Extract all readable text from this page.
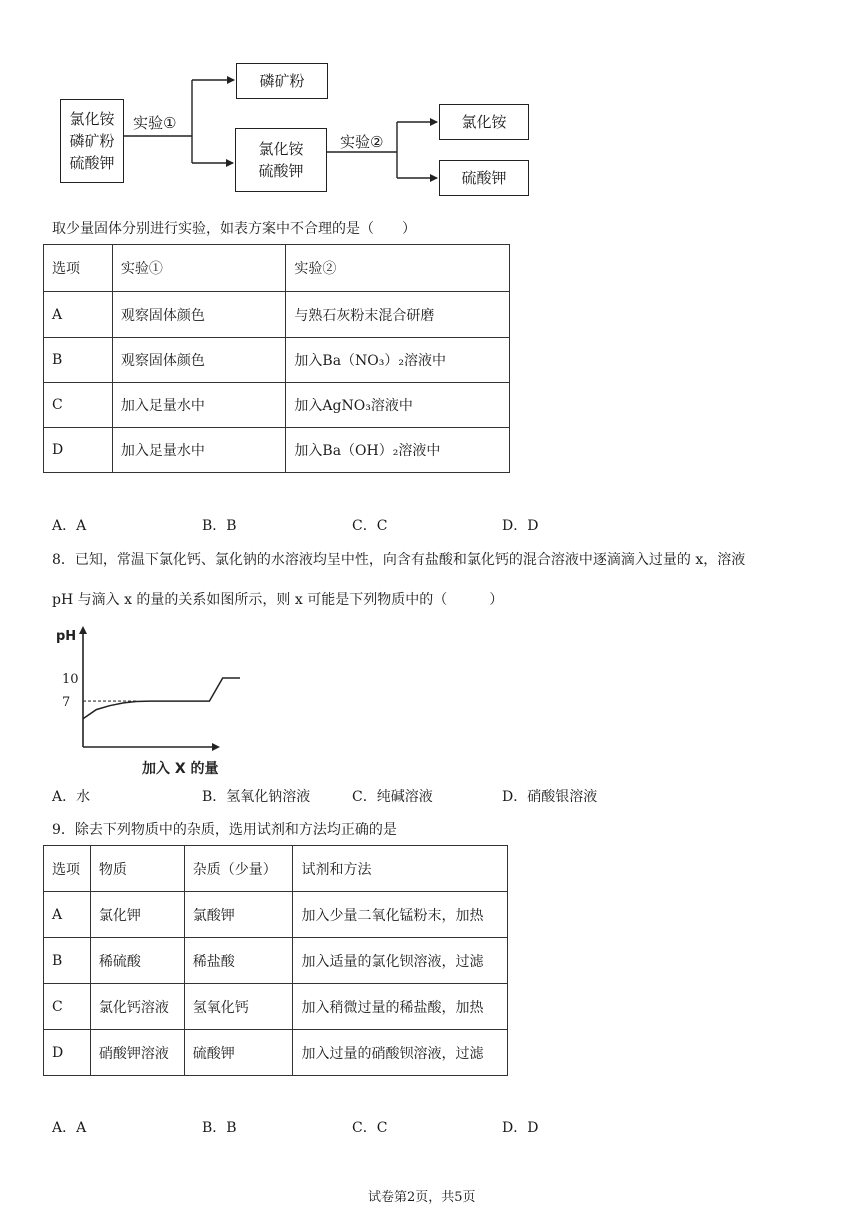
氯化铵
磷矿粉
硫酸钾
磷矿粉
氯化铵
硫酸钾
氯化铵
硫酸钾
实验①
实验②
取少量固体分别进行实验，如表方案中不合理的是（　　）
选项	实验①	实验②
A	观察固体颜色	与熟石灰粉末混合研磨
B	观察固体颜色	加入Ba（NO₃）₂溶液中
C	加入足量水中	加入AgNO₃溶液中
D	加入足量水中	加入Ba（OH）₂溶液中
A．A	B．B	C．C	D．D
8．已知，常温下氯化钙、氯化钠的水溶液均呈中性，向含有盐酸和氯化钙的混合溶液中逐滴滴入过量的 x，溶液
pH 与滴入 x 的量的关系如图所示，则 x 可能是下列物质中的（　　　）
pH
加入 X 的量
7
10
A．水	B．氢氧化钠溶液	C．纯碱溶液	D．硝酸银溶液
9．除去下列物质中的杂质，选用试剂和方法均正确的是
选项	物质	杂质（少量）	试剂和方法
A	氯化钾	氯酸钾	加入少量二氧化锰粉末，加热
B	稀硫酸	稀盐酸	加入适量的氯化钡溶液，过滤
C	氯化钙溶液	氢氧化钙	加入稍微过量的稀盐酸，加热
D	硝酸钾溶液	硫酸钾	加入过量的硝酸钡溶液，过滤
A．A	B．B	C．C	D．D
试卷第2页，共5页
